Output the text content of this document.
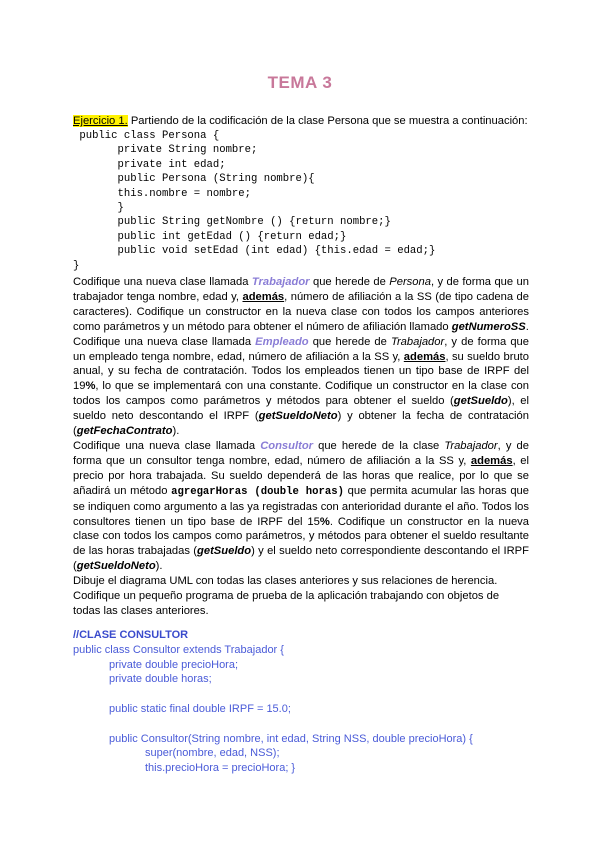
TEMA 3
Ejercicio 1. Partiendo de la codificación de la clase Persona que se muestra a continuación:
public class Persona {
private String nombre;
private int edad;
public Persona (String nombre){
this.nombre = nombre;
}
public String getNombre () {return nombre;}
public int getEdad () {return edad;}
public void setEdad (int edad) {this.edad = edad;}
}

Codifique una nueva clase llamada Trabajador que herede de Persona, y de forma que un trabajador tenga nombre, edad y, además, número de afiliación a la SS (de tipo cadena de caracteres). Codifique un constructor en la nueva clase con todos los campos anteriores como parámetros y un método para obtener el número de afiliación llamado getNumeroSS.

Codifique una nueva clase llamada Empleado que herede de Trabajador, y de forma que un empleado tenga nombre, edad, número de afiliación a la SS y, además, su sueldo bruto anual, y su fecha de contratación. Todos los empleados tienen un tipo base de IRPF del 19%, lo que se implementará con una constante. Codifique un constructor en la clase con todos los campos como parámetros y métodos para obtener el sueldo (getSueldo), el sueldo neto descontando el IRPF (getSueldoNeto) y obtener la fecha de contratación (getFechaContrato).

Codifique una nueva clase llamada Consultor que herede de la clase Trabajador, y de forma que un consultor tenga nombre, edad, número de afiliación a la SS y, además, el precio por hora trabajada. Su sueldo dependerá de las horas que realice, por lo que se añadirá un método agregarHoras (double horas) que permita acumular las horas que se indiquen como argumento a las ya registradas con anterioridad durante el año. Todos los consultores tienen un tipo base de IRPF del 15%. Codifique un constructor en la nueva clase con todos los campos como parámetros, y métodos para obtener el sueldo resultante de las horas trabajadas (getSueldo) y el sueldo neto correspondiente descontando el IRPF (getSueldoNeto).

Dibuje el diagrama UML con todas las clases anteriores y sus relaciones de herencia.

Codifique un pequeño programa de prueba de la aplicación trabajando con objetos de todas las clases anteriores.

//CLASE CONSULTOR
public class Consultor extends Trabajador {
private double precioHora;
private double horas;

public static final double IRPF = 15.0;

public Consultor(String nombre, int edad, String NSS, double precioHora) {
super(nombre, edad, NSS);
this.precioHora = precioHora; }
